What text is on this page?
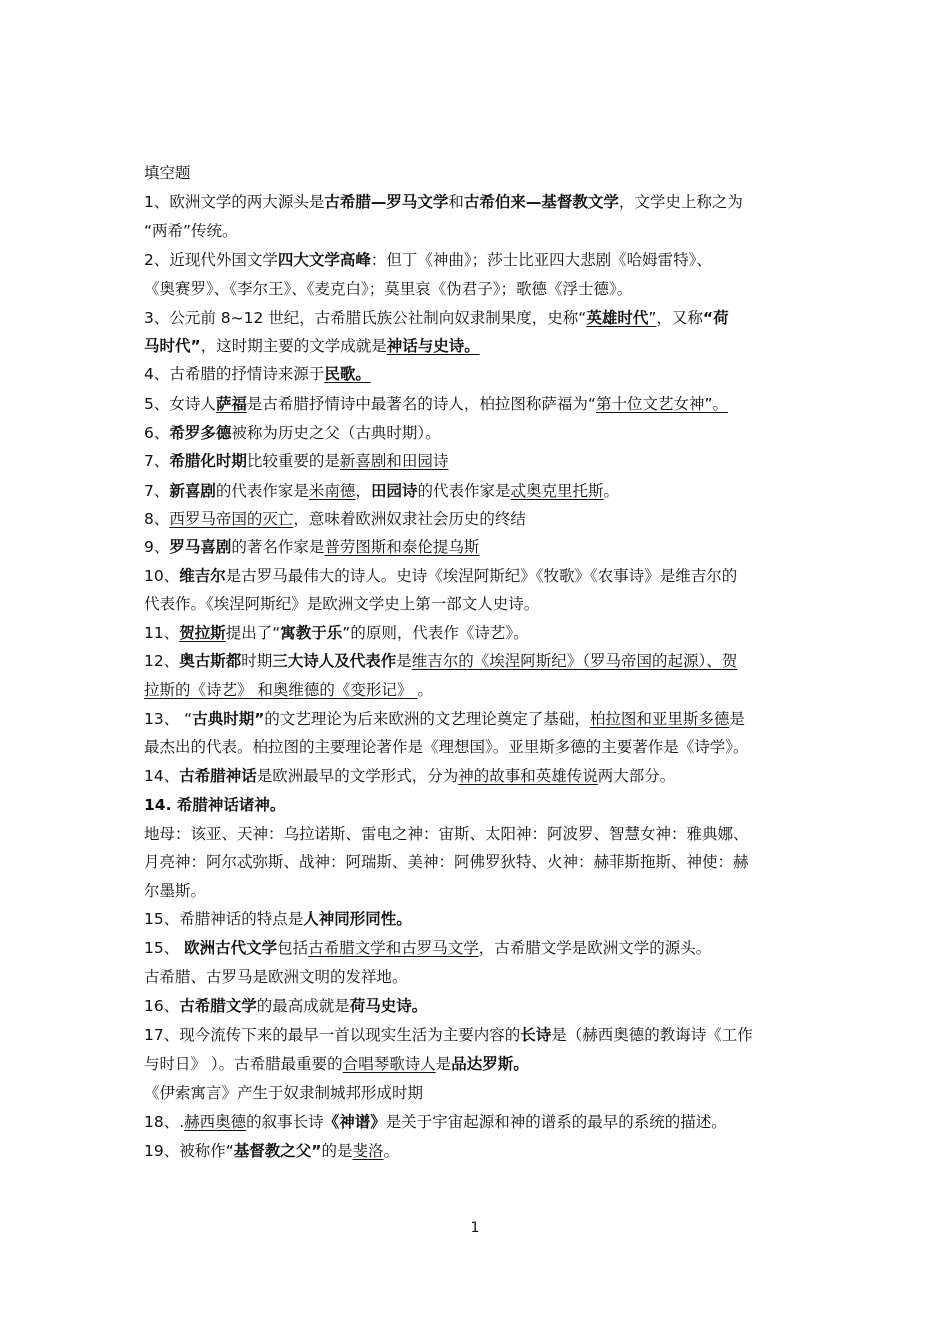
填空题
1、欧洲文学的两大源头是古希腊—罗马文学和古希伯来—基督教文学，文学史上称之为
“两希”传统。
2、近现代外国文学四大文学高峰：但丁《神曲》；莎士比亚四大悲剧《哈姆雷特》、
《奥赛罗》、《李尔王》、《麦克白》；莫里哀《伪君子》；歌德《浮士德》。
3、公元前 8~12 世纪，古希腊氏族公社制向奴隶制果度，史称“英雄时代”，又称“荷
马时代”，这时期主要的文学成就是神话与史诗。
4、古希腊的抒情诗来源于民歌。
5、女诗人萨福是古希腊抒情诗中最著名的诗人，柏拉图称萨福为“第十位文艺女神”。
6、希罗多德被称为历史之父（古典时期）。
7、希腊化时期比较重要的是新喜剧和田园诗
7、新喜剧的代表作家是米南德，田园诗的代表作家是忒奥克里托斯。
8、西罗马帝国的灭亡，意味着欧洲奴隶社会历史的终结
9、罗马喜剧的著名作家是普劳图斯和泰伦提乌斯
10、维吉尔是古罗马最伟大的诗人。史诗《埃涅阿斯纪》《牧歌》《农事诗》是维吉尔的
代表作。《埃涅阿斯纪》是欧洲文学史上第一部文人史诗。
11、贺拉斯提出了“寓教于乐”的原则，代表作《诗艺》。
12、奥古斯都时期三大诗人及代表作是维吉尔的《埃涅阿斯纪》（罗马帝国的起源）、贺
拉斯的《诗艺》 和奥维德的《变形记》 。
13、 “古典时期”的文艺理论为后来欧洲的文艺理论奠定了基础，柏拉图和亚里斯多德是
最杰出的代表。柏拉图的主要理论著作是《理想国》。亚里斯多德的主要著作是《诗学》。
14、古希腊神话是欧洲最早的文学形式，分为神的故事和英雄传说两大部分。
14. 希腊神话诸神。
地母：该亚、天神：乌拉诺斯、雷电之神：宙斯、太阳神：阿波罗、智慧女神：雅典娜、
月亮神：阿尔忒弥斯、战神：阿瑞斯、美神：阿佛罗狄特、火神：赫菲斯拖斯、神使：赫
尔墨斯。
15、希腊神话的特点是人神同形同性。
15、 欧洲古代文学包括古希腊文学和古罗马文学，古希腊文学是欧洲文学的源头。
古希腊、古罗马是欧洲文明的发祥地。
16、古希腊文学的最高成就是荷马史诗。
17、现今流传下来的最早一首以现实生活为主要内容的长诗是（赫西奥德的教诲诗《工作
与时日》 ）。古希腊最重要的合唱琴歌诗人是品达罗斯。
《伊索寓言》产生于奴隶制城邦形成时期
18、.赫西奥德的叙事长诗《神谱》是关于宇宙起源和神的谱系的最早的系统的描述。
19、被称作“基督教之父”的是斐洛。
1
